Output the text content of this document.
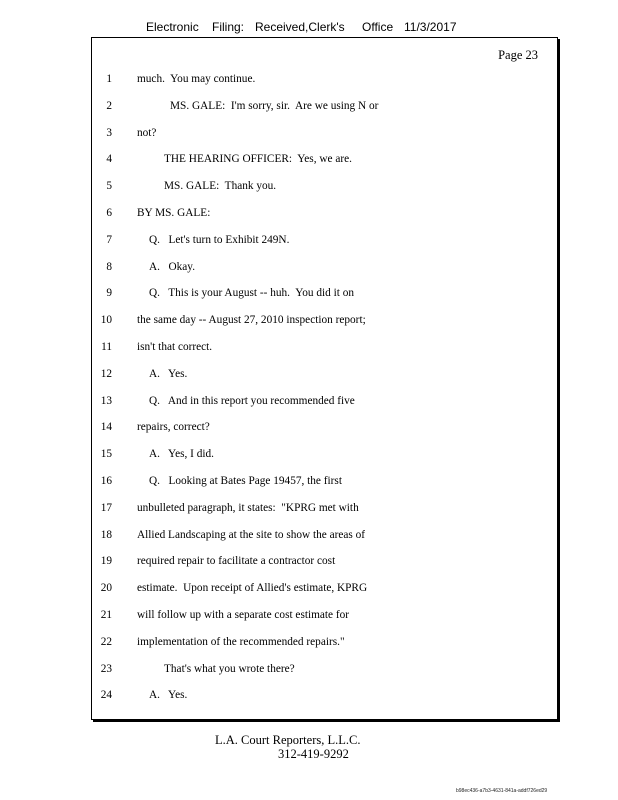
Electronic Filing: Received,Clerk's Office 11/3/2017
Page 23
1 much.  You may continue.
2	MS. GALE:  I'm sorry, sir.  Are we using N or
3 not?
4	THE HEARING OFFICER:  Yes, we are.
5	MS. GALE:  Thank you.
6 BY MS. GALE:
7	Q.   Let's turn to Exhibit 249N.
8	A.   Okay.
9	Q.   This is your August -- huh.  You did it on
10 the same day -- August 27, 2010 inspection report;
11 isn't that correct.
12	A.   Yes.
13	Q.   And in this report you recommended five
14 repairs, correct?
15	A.   Yes, I did.
16	Q.   Looking at Bates Page 19457, the first
17 unbulleted paragraph, it states:  "KPRG met with
18 Allied Landscaping at the site to show the areas of
19 required repair to facilitate a contractor cost
20 estimate.  Upon receipt of Allied's estimate, KPRG
21 will follow up with a separate cost estimate for
22 implementation of the recommended repairs."
23	That's what you wrote there?
24	A.   Yes.
L.A. Court Reporters, L.L.C.
312-419-9292
b98ec436-a7b3-4631-841a-addf726ed29
